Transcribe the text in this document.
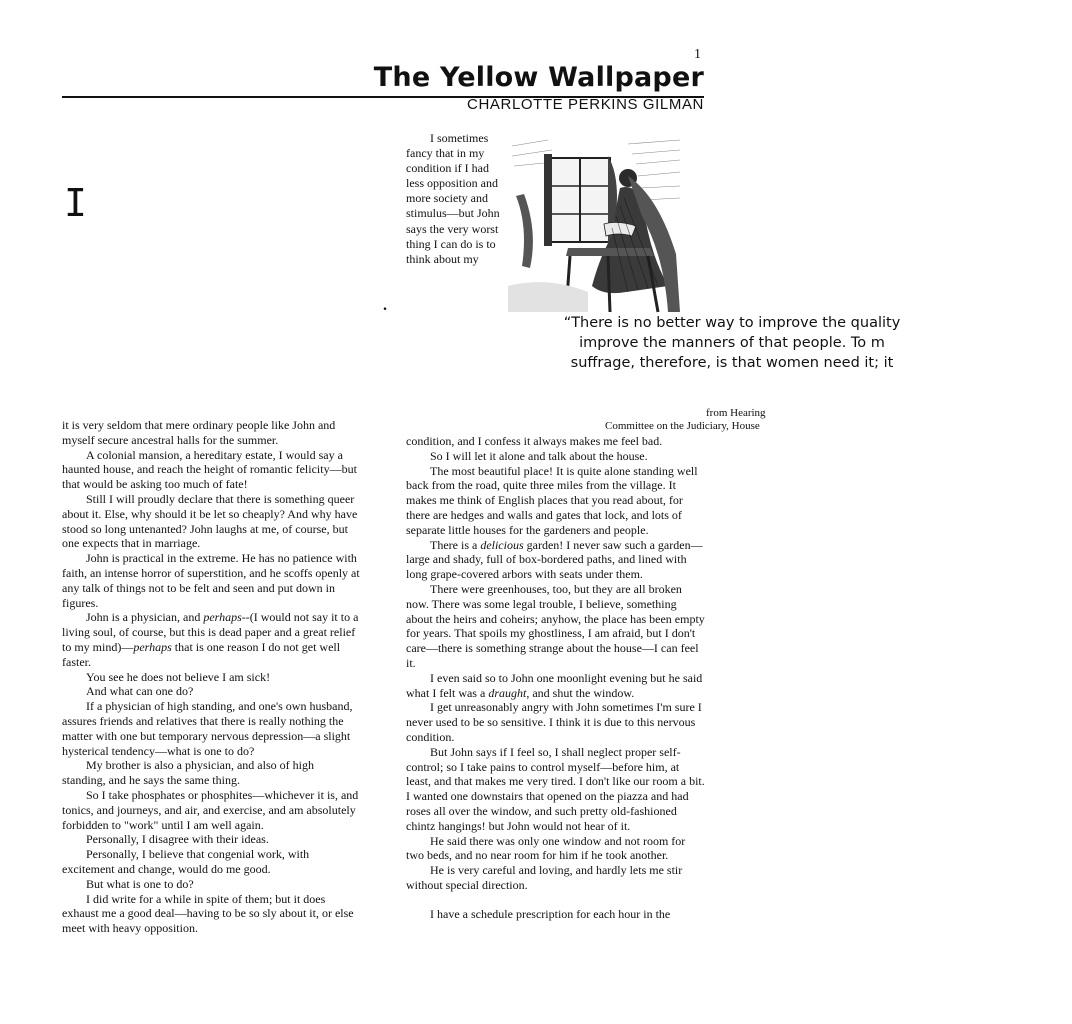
1
The Yellow Wallpaper
CHARLOTTE PERKINS GILMAN
I
I sometimes fancy that in my condition if I had less opposition and more society and stimulus—but John says the very worst thing I can do is to think about my
.
“There is no better way to improve the quality
improve the manners of that people. To m
suffrage, therefore, is that women need it; it
from Hearing
Committee on the Judiciary, House

it is very seldom that mere ordinary people like John and myself secure ancestral halls for the summer.

A colonial mansion, a hereditary estate, I would say a haunted house, and reach the height of romantic felicity—but that would be asking too much of fate!

Still I will proudly declare that there is something queer about it. Else, why should it be let so cheaply? And why have stood so long untenanted? John laughs at me, of course, but one expects that in marriage.

John is practical in the extreme. He has no patience with faith, an intense horror of superstition, and he scoffs openly at any talk of things not to be felt and seen and put down in figures.

John is a physician, and perhaps--(I would not say it to a living soul, of course, but this is dead paper and a great relief to my mind)—perhaps that is one reason I do not get well faster.

You see he does not believe I am sick!

And what can one do?

If a physician of high standing, and one's own husband, assures friends and relatives that there is really nothing the matter with one but temporary nervous depression—a slight hysterical tendency—what is one to do?

My brother is also a physician, and also of high standing, and he says the same thing.

So I take phosphates or phosphites—whichever it is, and tonics, and journeys, and air, and exercise, and am absolutely forbidden to "work" until I am well again.

Personally, I disagree with their ideas.

Personally, I believe that congenial work, with excitement and change, would do me good.

But what is one to do?

I did write for a while in spite of them; but it does exhaust me a good deal—having to be so sly about it, or else meet with heavy opposition.

condition, and I confess it always makes me feel bad.

So I will let it alone and talk about the house.

The most beautiful place! It is quite alone standing well back from the road, quite three miles from the village. It makes me think of English places that you read about, for there are hedges and walls and gates that lock, and lots of separate little houses for the gardeners and people.

There is a delicious garden! I never saw such a garden—large and shady, full of box-bordered paths, and lined with long grape-covered arbors with seats under them.

There were greenhouses, too, but they are all broken now. There was some legal trouble, I believe, something about the heirs and coheirs; anyhow, the place has been empty for years. That spoils my ghostliness, I am afraid, but I don't care—there is something strange about the house—I can feel it.

I even said so to John one moonlight evening but he said what I felt was a draught, and shut the window.

I get unreasonably angry with John sometimes I'm sure I never used to be so sensitive. I think it is due to this nervous condition.

But John says if I feel so, I shall neglect proper self-control; so I take pains to control myself—before him, at least, and that makes me very tired. I don't like our room a bit. I wanted one downstairs that opened on the piazza and had roses all over the window, and such pretty old-fashioned chintz hangings! but John would not hear of it.

He said there was only one window and not room for two beds, and no near room for him if he took another.

He is very careful and loving, and hardly lets me stir without special direction.

I have a schedule prescription for each hour in the
